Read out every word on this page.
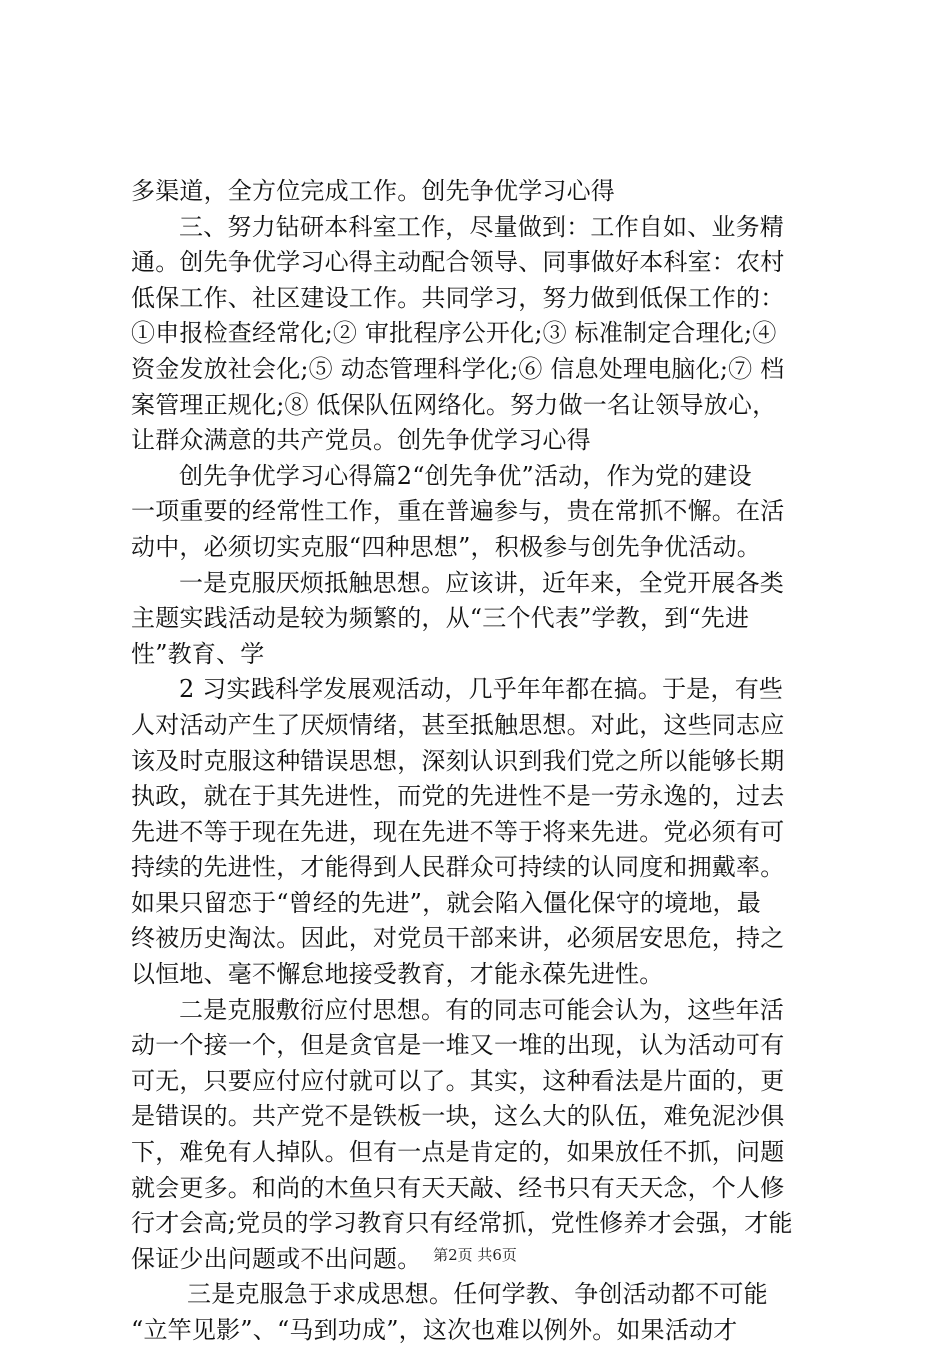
多渠道，全方位完成工作。创先争优学习心得
三、努力钻研本科室工作，尽量做到：工作自如、业务精
通。创先争优学习心得主动配合领导、同事做好本科室：农村
低保工作、社区建设工作。共同学习，努力做到低保工作的：
①申报检查经常化;② 审批程序公开化;③ 标准制定合理化;④
资金发放社会化;⑤ 动态管理科学化;⑥ 信息处理电脑化;⑦ 档
案管理正规化;⑧ 低保队伍网络化。努力做一名让领导放心，
让群众满意的共产党员。创先争优学习心得
创先争优学习心得篇2“创先争优”活动，作为党的建设
一项重要的经常性工作，重在普遍参与，贵在常抓不懈。在活
动中，必须切实克服“四种思想”，积极参与创先争优活动。
一是克服厌烦抵触思想。应该讲，近年来，全党开展各类
主题实践活动是较为频繁的，从“三个代表”学教，到“先进
性”教育、学
2 习实践科学发展观活动，几乎年年都在搞。于是，有些
人对活动产生了厌烦情绪，甚至抵触思想。对此，这些同志应
该及时克服这种错误思想，深刻认识到我们党之所以能够长期
执政，就在于其先进性，而党的先进性不是一劳永逸的，过去
先进不等于现在先进，现在先进不等于将来先进。党必须有可
持续的先进性，才能得到人民群众可持续的认同度和拥戴率。
如果只留恋于“曾经的先进”，就会陷入僵化保守的境地，最
终被历史淘汰。因此，对党员干部来讲，必须居安思危，持之
以恒地、毫不懈怠地接受教育，才能永葆先进性。
二是克服敷衍应付思想。有的同志可能会认为，这些年活
动一个接一个，但是贪官是一堆又一堆的出现，认为活动可有
可无，只要应付应付就可以了。其实，这种看法是片面的，更
是错误的。共产党不是铁板一块，这么大的队伍，难免泥沙俱
下，难免有人掉队。但有一点是肯定的，如果放任不抓，问题
就会更多。和尚的木鱼只有天天敲、经书只有天天念，个人修
行才会高;党员的学习教育只有经常抓，党性修养才会强，才能
保证少出问题或不出问题。
三是克服急于求成思想。任何学教、争创活动都不可能
“立竿见影”、“马到功成”，这次也难以例外。如果活动才
第2页 共6页
